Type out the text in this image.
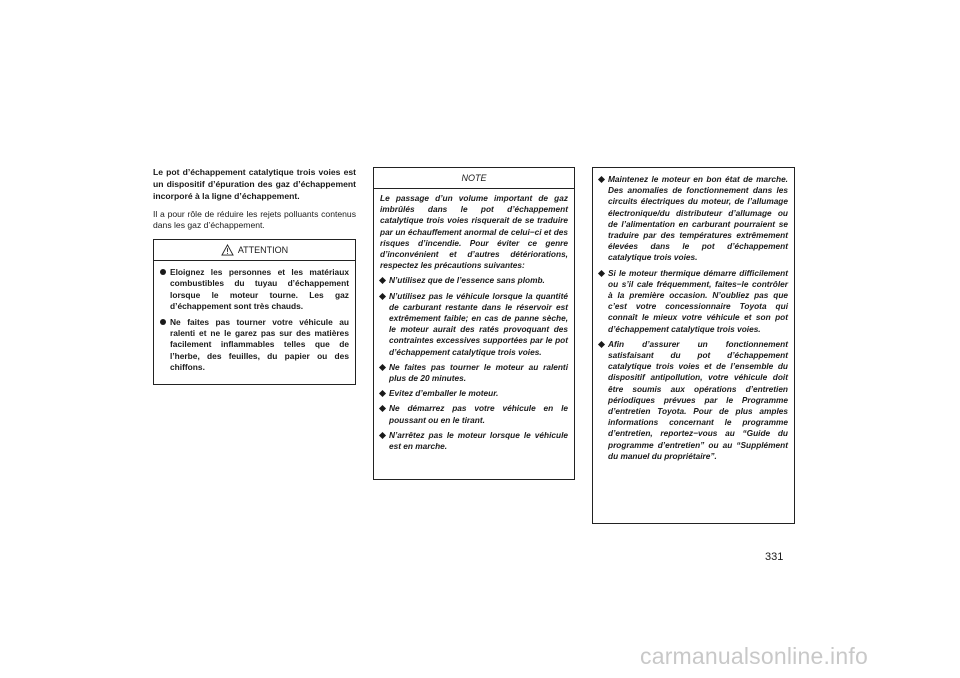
Le pot d’échappement catalytique trois voies est un dispositif d’épuration des gaz d’échappement incorporé à la ligne d’échappement.

Il a pour rôle de réduire les rejets polluants contenus dans les gaz d’échappement.

ATTENTION
Eloignez les personnes et les matériaux combustibles du tuyau d’échappement lorsque le moteur tourne. Les gaz d’échappement sont très chauds.
Ne faites pas tourner votre véhicule au ralenti et ne le garez pas sur des matières facilement inflammables telles que de l’herbe, des feuilles, du papier ou des chiffons.
NOTE

Le passage d’un volume important de gaz imbrûlés dans le pot d’échappement catalytique trois voies risquerait de se traduire par un échauffement anormal de celui−ci et des risques d’incendie. Pour éviter ce genre d’inconvénient et d’autres détériorations, respectez les précautions suivantes:

N’utilisez que de l’essence sans plomb.
N’utilisez pas le véhicule lorsque la quantité de carburant restante dans le réservoir est extrêmement faible; en cas de panne sèche, le moteur aurait des ratés provoquant des contraintes excessives supportées par le pot d’échappement catalytique trois voies.
Ne faites pas tourner le moteur au ralenti plus de 20 minutes.
Evitez d’emballer le moteur.
Ne démarrez pas votre véhicule en le poussant ou en le tirant.
N’arrêtez pas le moteur lorsque le véhicule est en marche.
Maintenez le moteur en bon état de marche. Des anomalies de fonctionnement dans les circuits électriques du moteur, de l’allumage électronique/du distributeur d’allumage ou de l’alimentation en carburant pourraient se traduire par des températures extrêmement élevées dans le pot d’échappement catalytique trois voies.
Si le moteur thermique démarre difficilement ou s’il cale fréquemment, faites−le contrôler à la première occasion. N’oubliez pas que c’est votre concessionnaire Toyota qui connaît le mieux votre véhicule et son pot d’échappement catalytique trois voies.
Afin d’assurer un fonctionnement satisfaisant du pot d’échappement catalytique trois voies et de l’ensemble du dispositif antipollution, votre véhicule doit être soumis aux opérations d’entretien périodiques prévues par le Programme d’entretien Toyota. Pour de plus amples informations concernant le programme d’entretien, reportez−vous au “Guide du programme d’entretien” ou au “Supplément du manuel du propriétaire”.
331
carmanualsonline.info
